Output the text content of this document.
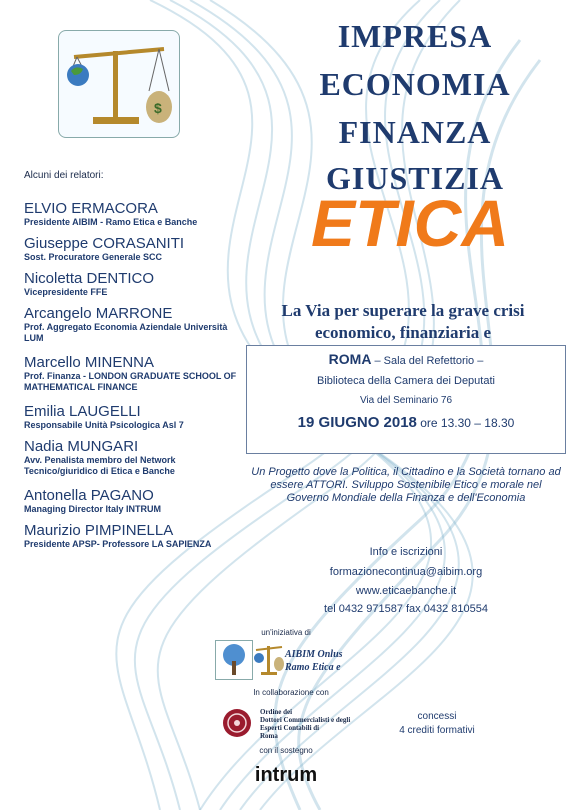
$
IMPRESA
ECONOMIA
FINANZA
GIUSTIZIA
ETICA
Alcuni dei relatori:
ELVIO ERMACORA
Presidente AIBIM - Ramo Etica e Banche
Giuseppe CORASANITI
Sost. Procuratore Generale SCC
Nicoletta DENTICO
Vicepresidente FFE
Arcangelo MARRONE
Prof. Aggregato Economia Aziendale Università LUM
Marcello MINENNA
Prof. Finanza - LONDON GRADUATE SCHOOL OF MATHEMATICAL FINANCE
Emilia LAUGELLI
Responsabile Unità Psicologica Asl 7
Nadia MUNGARI
Avv. Penalista membro del Network Tecnico/giuridico di Etica e Banche
Antonella PAGANO
Managing Director Italy INTRUM
Maurizio PIMPINELLA
Presidente APSP- Professore LA SAPIENZA
La Via per superare la grave crisi economico, finanziaria e
ROMA – Sala del Refettorio –
Biblioteca della Camera dei Deputati
Via del Seminario 76
19 GIUGNO 2018 ore 13.30 – 18.30
Un Progetto dove la Politica, il Cittadino e la Società tornano ad essere ATTORI. Sviluppo Sostenibile Etico e morale nel Governo Mondiale della Finanza e dell'Economia
Info e iscrizioni
formazionecontinua@aibim.org
www.eticaebanche.it
tel 0432 971587 fax 0432 810554
un'iniziativa di
AIBIM Onlus
Ramo Etica e
In collaborazione con
Ordine dei
Dottori Commercialisti e degli
Esperti Contabili di
Roma
concessi
4 crediti formativi
con il sostegno
intrum
